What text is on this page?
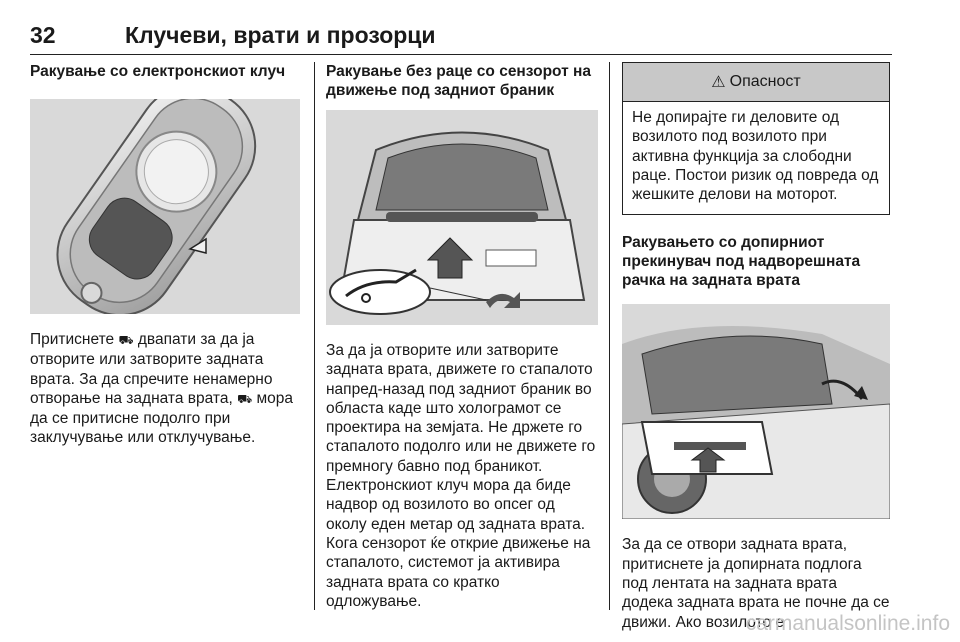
32	Клучеви, врати и прозорци

Ракување со електронскиот клуч

Притиснете ⛟ двапати за да ја отворите или затворите задната врата. За да спречите ненамерно отворање на задната врата, ⛟ мора да се притисне подолго при заклучување или отклучување.

Ракување без раце со сензорот на движење под задниот браник

За да ја отворите или затворите задната врата, движете го стапалото напред-назад под задниот браник во областа каде што холограмот се проектира на земјата. Не држете го стапалото подолго или не движете го премногу бавно под браникот. Електронскиот клуч мора да биде надвор од возилото во опсег од околу еден метар од задната врата. Кога сензорот ќе открие движење на стапалото, системот ја активира задната врата со кратко одложување.

⚠ Опасност
Не допирајте ги деловите од возилото под возилото при активна функција за слободни раце. Постои ризик од повреда од жешките делови на моторот.

Ракувањето со допирниот прекинувач под надворешната рачка на задната врата

За да се отвори задната врата, притиснете ја допирната подлога под лентата на задната врата додека задната врата не почне да се движи. Ако возилото е

carmanualsonline.info
